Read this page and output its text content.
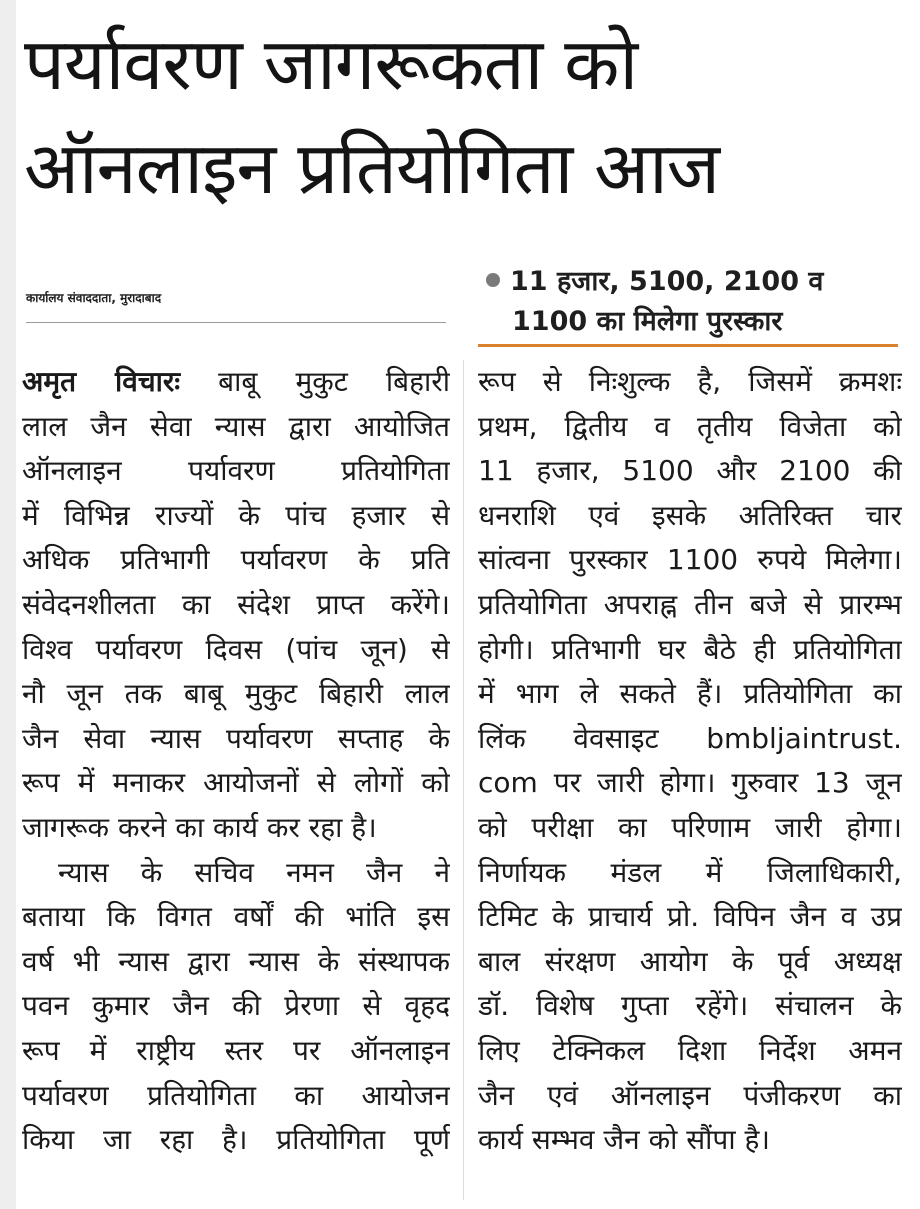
पर्यावरण जागरूकता को
ऑनलाइन प्रतियोगिता आज
कार्यालय संवाददाता, मुरादाबाद
11 हजार, 5100, 2100 व
1100 का मिलेगा पुरस्कार
अमृत विचारः बाबू मुकुट बिहारी
लाल जैन सेवा न्यास द्वारा आयोजित
ऑनलाइन पर्यावरण प्रतियोगिता
में विभिन्न राज्यों के पांच हजार से
अधिक प्रतिभागी पर्यावरण के प्रति
संवेदनशीलता का संदेश प्राप्त करेंगे।
विश्व पर्यावरण दिवस (पांच जून) से
नौ जून तक बाबू मुकुट बिहारी लाल
जैन सेवा न्यास पर्यावरण सप्ताह के
रूप में मनाकर आयोजनों से लोगों को
जागरूक करने का कार्य कर रहा है।
न्यास के सचिव नमन जैन ने
बताया कि विगत वर्षों की भांति इस
वर्ष भी न्यास द्वारा न्यास के संस्थापक
पवन कुमार जैन की प्रेरणा से वृहद
रूप में राष्ट्रीय स्तर पर ऑनलाइन
पर्यावरण प्रतियोगिता का आयोजन
किया जा रहा है। प्रतियोगिता पूर्ण
रूप से निःशुल्क है, जिसमें क्रमशः
प्रथम, द्वितीय व तृतीय विजेता को
11 हजार, 5100 और 2100 की
धनराशि एवं इसके अतिरिक्त चार
सांत्वना पुरस्कार 1100 रुपये मिलेगा।
प्रतियोगिता अपराह्न तीन बजे से प्रारम्भ
होगी। प्रतिभागी घर बैठे ही प्रतियोगिता
में भाग ले सकते हैं। प्रतियोगिता का
लिंक वेवसाइट bmbljaintrust.
com पर जारी होगा। गुरुवार 13 जून
को परीक्षा का परिणाम जारी होगा।
निर्णायक मंडल में जिलाधिकारी,
टिमिट के प्राचार्य प्रो. विपिन जैन व उप्र
बाल संरक्षण आयोग के पूर्व अध्यक्ष
डॉ. विशेष गुप्ता रहेंगे। संचालन के
लिए टेक्निकल दिशा निर्देश अमन
जैन एवं ऑनलाइन पंजीकरण का
कार्य सम्भव जैन को सौंपा है।
